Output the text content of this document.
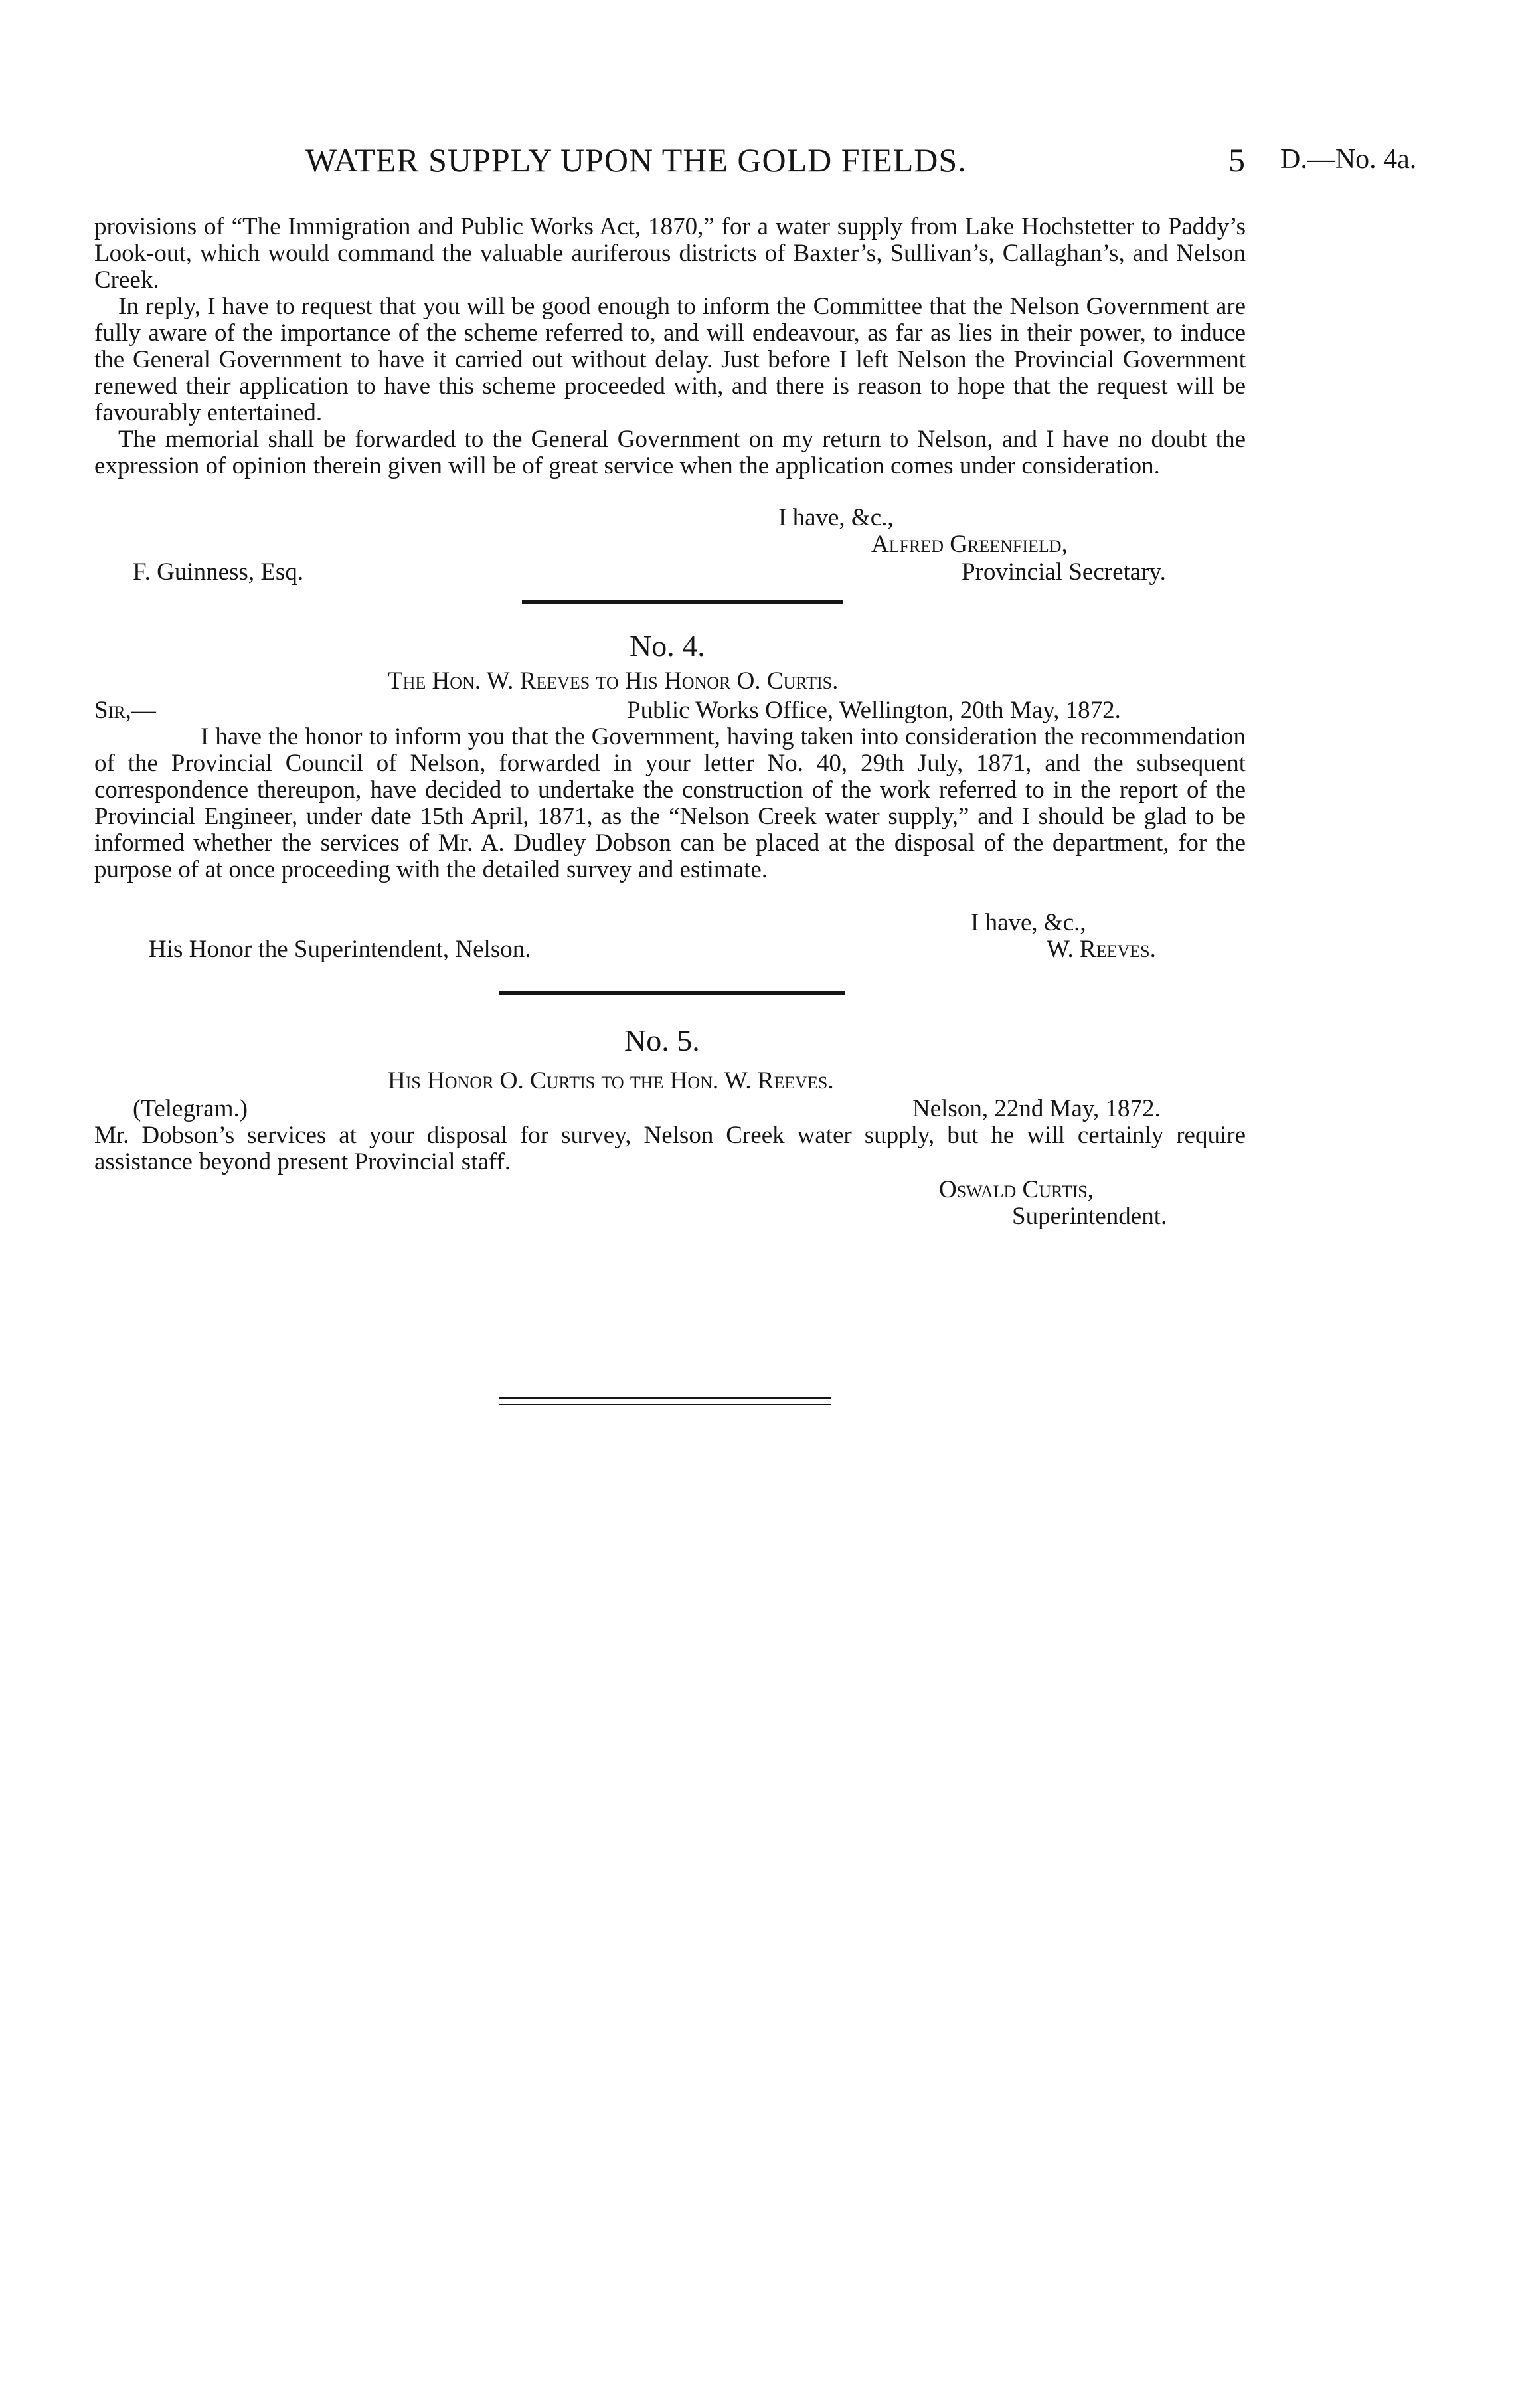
WATER SUPPLY UPON THE GOLD FIELDS.	5 D.—No. 4a.
provisions of “The Immigration and Public Works Act, 1870,” for a water supply from Lake Hochstetter to Paddy’s Look-out, which would command the valuable auriferous districts of Baxter’s, Sullivan’s, Callaghan’s, and Nelson Creek.
In reply, I have to request that you will be good enough to inform the Committee that the Nelson Government are fully aware of the importance of the scheme referred to, and will endeavour, as far as lies in their power, to induce the General Government to have it carried out without delay. Just before I left Nelson the Provincial Government renewed their application to have this scheme proceeded with, and there is reason to hope that the request will be favourably entertained.
The memorial shall be forwarded to the General Government on my return to Nelson, and I have no doubt the expression of opinion therein given will be of great service when the application comes under consideration.
I have, &c.,
Alfred Greenfield,
F. Guinness, Esq.	Provincial Secretary.
No. 4.
The Hon. W. Reeves to His Honor O. Curtis.
Sir,—	Public Works Office, Wellington, 20th May, 1872.
I have the honor to inform you that the Government, having taken into consideration the recommendation of the Provincial Council of Nelson, forwarded in your letter No. 40, 29th July, 1871, and the subsequent correspondence thereupon, have decided to undertake the construction of the work referred to in the report of the Provincial Engineer, under date 15th April, 1871, as the “Nelson Creek water supply,” and I should be glad to be informed whether the services of Mr. A. Dudley Dobson can be placed at the disposal of the department, for the purpose of at once proceeding with the detailed survey and estimate.
I have, &c.,
His Honor the Superintendent, Nelson.	W. Reeves.
No. 5.
His Honor O. Curtis to the Hon. W. Reeves.
(Telegram.)	Nelson, 22nd May, 1872.
Mr. Dobson’s services at your disposal for survey, Nelson Creek water supply, but he will certainly require assistance beyond present Provincial staff.
Oswald Curtis,
Superintendent.
